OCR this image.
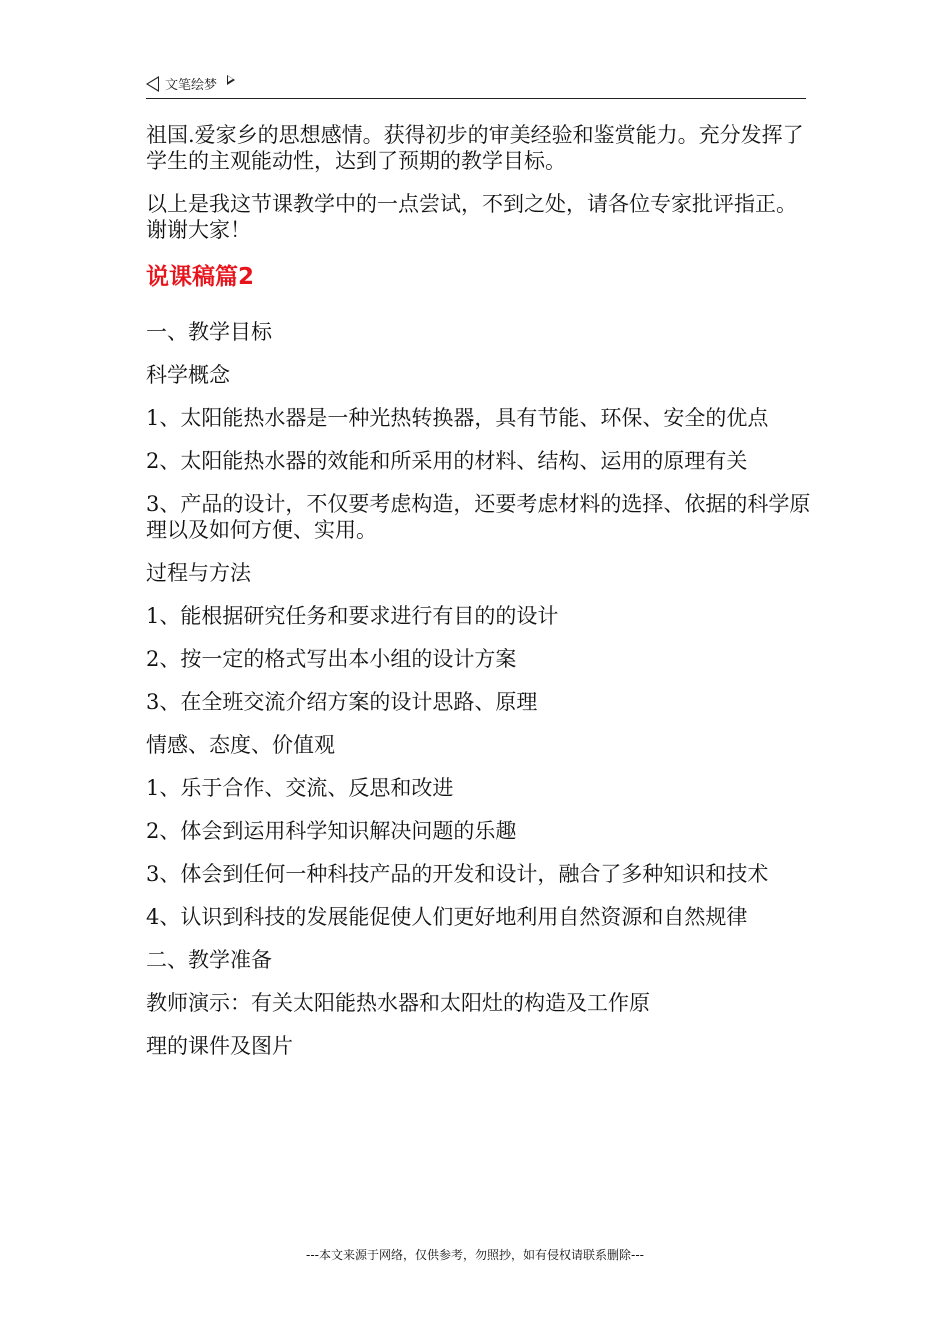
文笔绘梦

祖国.爱家乡的思想感情。获得初步的审美经验和鉴赏能力。充分发挥了学生的主观能动性，达到了预期的教学目标。

以上是我这节课教学中的一点尝试，不到之处，请各位专家批评指正。谢谢大家！

说课稿篇2

一、教学目标

科学概念

1、太阳能热水器是一种光热转换器，具有节能、环保、安全的优点

2、太阳能热水器的效能和所采用的材料、结构、运用的原理有关

3、产品的设计，不仅要考虑构造，还要考虑材料的选择、依据的科学原理以及如何方便、实用。

过程与方法

1、能根据研究任务和要求进行有目的的设计

2、按一定的格式写出本小组的设计方案

3、在全班交流介绍方案的设计思路、原理

情感、态度、价值观

1、乐于合作、交流、反思和改进

2、体会到运用科学知识解决问题的乐趣

3、体会到任何一种科技产品的开发和设计，融合了多种知识和技术

4、认识到科技的发展能促使人们更好地利用自然资源和自然规律

二、教学准备

教师演示：有关太阳能热水器和太阳灶的构造及工作原

理的课件及图片

---本文来源于网络，仅供参考，勿照抄，如有侵权请联系删除---
